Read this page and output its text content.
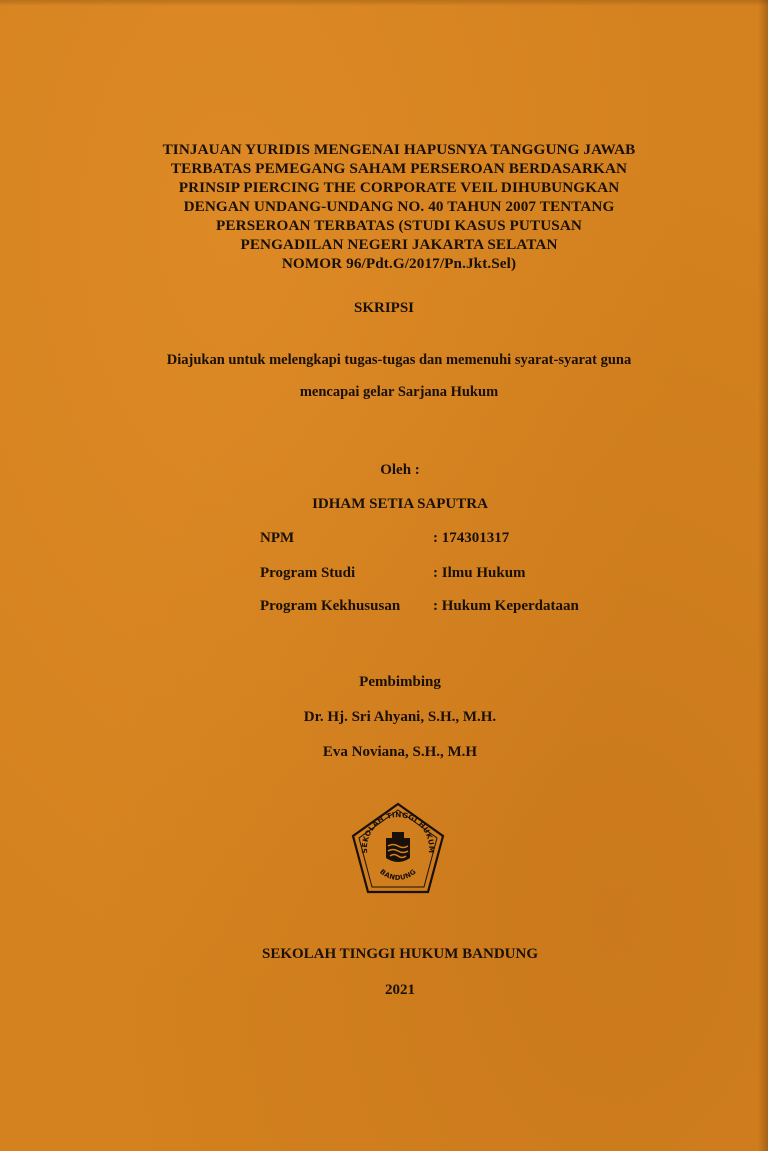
TINJAUAN YURIDIS MENGENAI HAPUSNYA TANGGUNG JAWAB
TERBATAS PEMEGANG SAHAM PERSEROAN BERDASARKAN
PRINSIP PIERCING THE CORPORATE VEIL DIHUBUNGKAN
DENGAN UNDANG-UNDANG NO. 40 TAHUN 2007 TENTANG
PERSEROAN TERBATAS (STUDI KASUS PUTUSAN
PENGADILAN NEGERI JAKARTA SELATAN
NOMOR 96/Pdt.G/2017/Pn.Jkt.Sel)
SKRIPSI
Diajukan untuk melengkapi tugas-tugas dan memenuhi syarat-syarat guna
mencapai gelar Sarjana Hukum
Oleh :
IDHAM SETIA SAPUTRA
NPM	: 174301317
Program Studi	: Ilmu Hukum
Program Kekhususan : Hukum Keperdataan
Pembimbing
Dr. Hj. Sri Ahyani, S.H., M.H.
Eva Noviana, S.H., M.H
SEKOLAH TINGGI HUKUM
BANDUNG
SEKOLAH TINGGI HUKUM BANDUNG
2021
